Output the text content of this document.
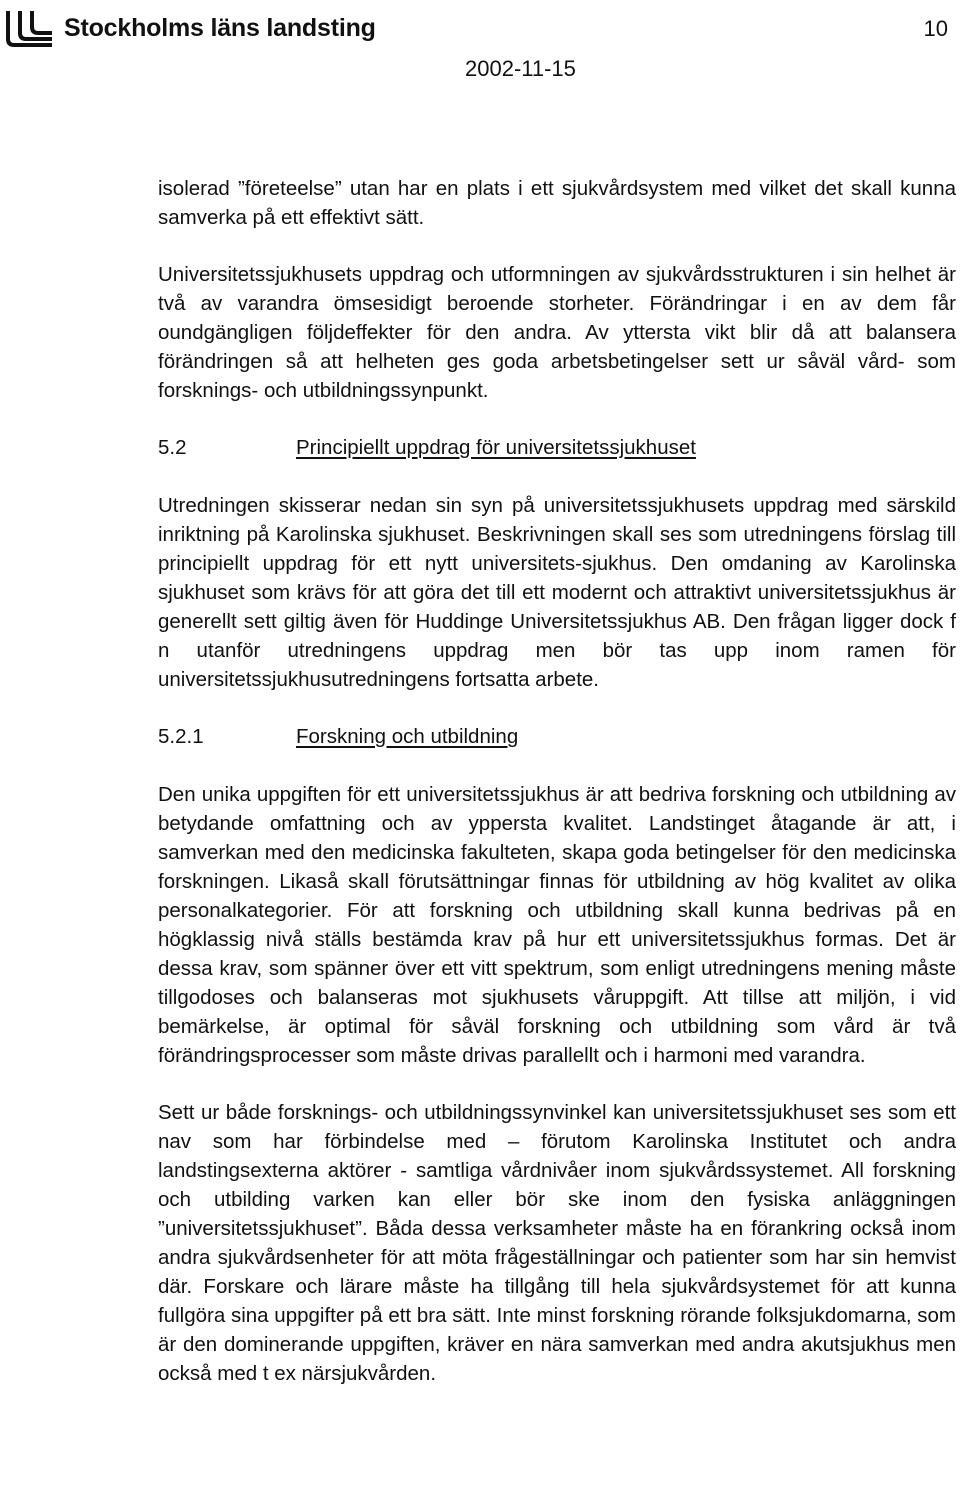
Stockholms läns landsting	10
2002-11-15

isolerad ”företeelse” utan har en plats i ett sjukvårdsystem med vilket det skall kunna samverka på ett effektivt sätt.

Universitetssjukhusets uppdrag och utformningen av sjukvårdsstrukturen i sin helhet är två av varandra ömsesidigt beroende storheter. Förändringar i en av dem får oundgängligen följdeffekter för den andra. Av yttersta vikt blir då att balansera förändringen så att helheten ges goda arbetsbetingelser sett ur såväl vård- som forsknings- och utbildningssynpunkt.

5.2	Principiellt uppdrag för universitetssjukhuset

Utredningen skisserar nedan sin syn på universitetssjukhusets uppdrag med särskild inriktning på Karolinska sjukhuset. Beskrivningen skall ses som utredningens förslag till principiellt uppdrag för ett nytt universitets-sjukhus. Den omdaning av Karolinska sjukhuset som krävs för att göra det till ett modernt och attraktivt universitetssjukhus är generellt sett giltig även för Huddinge Universitetssjukhus AB. Den frågan ligger dock f n utanför utredningens uppdrag men bör tas upp inom ramen för universitetssjukhusutredningens fortsatta arbete.

5.2.1	Forskning och utbildning

Den unika uppgiften för ett universitetssjukhus är att bedriva forskning och utbildning av betydande omfattning och av yppersta kvalitet. Landstinget åtagande är att, i samverkan med den medicinska fakulteten, skapa goda betingelser för den medicinska forskningen. Likaså skall förutsättningar finnas för utbildning av hög kvalitet av olika personalkategorier. För att forskning och utbildning skall kunna bedrivas på en högklassig nivå ställs bestämda krav på hur ett universitetssjukhus formas. Det är dessa krav, som spänner över ett vitt spektrum, som enligt utredningens mening måste tillgodoses och balanseras mot sjukhusets våruppgift. Att tillse att miljön, i vid bemärkelse, är optimal för såväl forskning och utbildning som vård är två förändringsprocesser som måste drivas parallellt och i harmoni med varandra.

Sett ur både forsknings- och utbildningssynvinkel kan universitetssjukhuset ses som ett nav som har förbindelse med – förutom Karolinska Institutet och andra landstingsexterna aktörer - samtliga vårdnivåer inom sjukvårdssystemet. All forskning och utbilding varken kan eller bör ske inom den fysiska anläggningen ”universitetssjukhuset”. Båda dessa verksamheter måste ha en förankring också inom andra sjukvårdsenheter för att möta frågeställningar och patienter som har sin hemvist där. Forskare och lärare måste ha tillgång till hela sjukvårdsystemet för att kunna fullgöra sina uppgifter på ett bra sätt. Inte minst forskning rörande folksjukdomarna, som är den dominerande uppgiften, kräver en nära samverkan med andra akutsjukhus men också med t ex närsjukvården.
